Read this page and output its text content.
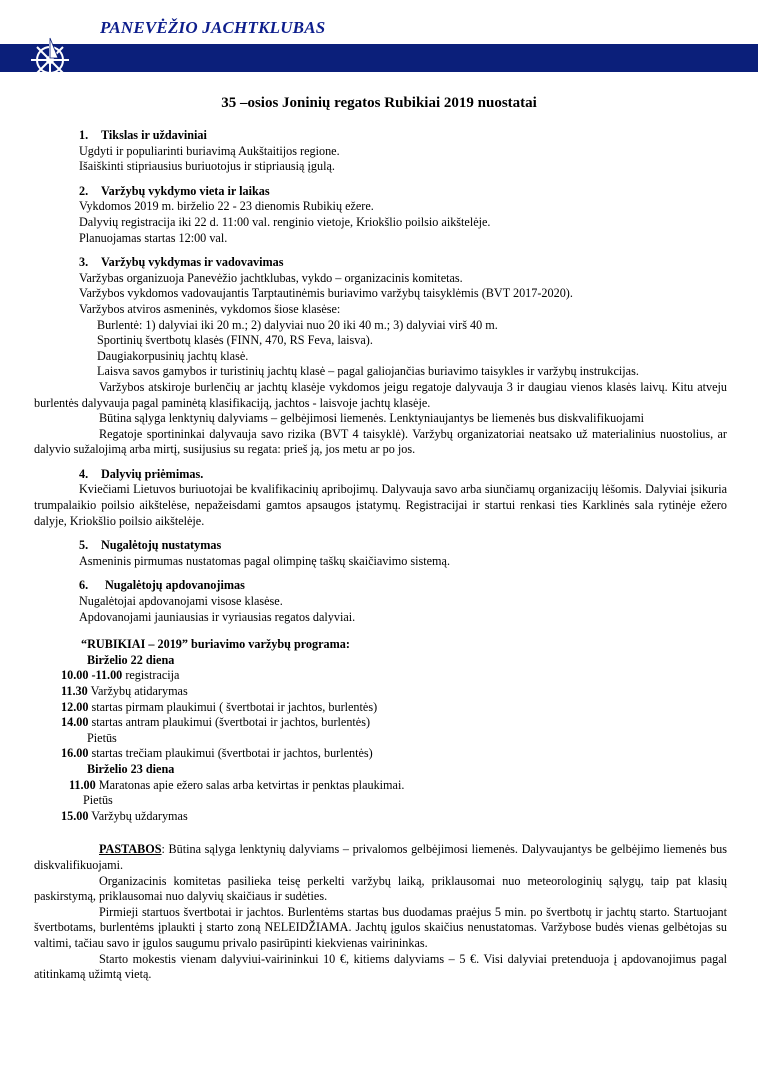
PANEVĖŽIO JACHTKLUBAS
35 –osios Joninių regatos Rubikiai 2019 nuostatai

1. Tikslas ir uždaviniai

Ugdyti ir populiarinti buriavimą Aukštaitijos regione.

Išaiškinti stipriausius buriuotojus ir stipriausią įgulą.

2. Varžybų vykdymo vieta ir laikas

Vykdomos 2019 m. birželio 22 - 23 dienomis Rubikių ežere.

Dalyvių registracija iki 22 d. 11:00 val. renginio vietoje, Kriokšlio poilsio aikštelėje.

Planuojamas startas 12:00 val.

3. Varžybų vykdymas ir vadovavimas

Varžybas organizuoja Panevėžio jachtklubas, vykdo – organizacinis komitetas.

Varžybos vykdomos vadovaujantis Tarptautinėmis buriavimo varžybų taisyklėmis (BVT 2017-2020).

Varžybos atviros asmeninės, vykdomos šiose klasėse:

Burlentė: 1) dalyviai iki 20 m.; 2) dalyviai nuo 20 iki 40 m.; 3) dalyviai virš 40 m.

Sportinių švertbotų klasės (FINN, 470, RS Feva, laisva).

Daugiakorpusinių jachtų klasė.

Laisva savos gamybos ir turistinių jachtų klasė – pagal galiojančias buriavimo taisykles ir varžybų instrukcijas.

Varžybos atskiroje burlenčių ar jachtų klasėje vykdomos jeigu regatoje dalyvauja 3 ir daugiau vienos klasės laivų. Kitu atveju burlentės dalyvauja pagal paminėtą klasifikaciją, jachtos - laisvoje jachtų klasėje.

Būtina sąlyga lenktynių dalyviams – gelbėjimosi liemenės. Lenktyniaujantys be liemenės bus diskvalifikuojami

Regatoje sportininkai dalyvauja savo rizika (BVT 4 taisyklė). Varžybų organizatoriai neatsako už materialinius nuostolius, ar dalyvio sužalojimą arba mirtį, susijusius su regata: prieš ją, jos metu ar po jos.

4. Dalyvių priėmimas.

Kviečiami Lietuvos buriuotojai be kvalifikacinių apribojimų. Dalyvauja savo arba siunčiamų organizacijų lėšomis. Dalyviai įsikuria trumpalaikio poilsio aikštelėse, nepažeisdami gamtos apsaugos įstatymų. Registracijai ir startui renkasi ties Karklinės sala rytinėje ežero dalyje, Kriokšlio poilsio aikštelėje.

5. Nugalėtojų nustatymas

Asmeninis pirmumas nustatomas pagal olimpinę taškų skaičiavimo sistemą.

6. Nugalėtojų apdovanojimas

Nugalėtojai apdovanojami visose klasėse.

Apdovanojami jauniausias ir vyriausias regatos dalyviai.

“RUBIKIAI – 2019” buriavimo varžybų programa:

Birželio 22 diena

10.00 -11.00 registracija

11.30 Varžybų atidarymas

12.00 startas pirmam plaukimui ( švertbotai ir jachtos, burlentės)

14.00 startas antram plaukimui (švertbotai ir jachtos, burlentės)

Pietūs

16.00 startas trečiam plaukimui (švertbotai ir jachtos, burlentės)

Birželio 23 diena

11.00 Maratonas apie ežero salas arba ketvirtas ir penktas plaukimai.

Pietūs

15.00 Varžybų uždarymas

PASTABOS: Būtina sąlyga lenktynių dalyviams – privalomos gelbėjimosi liemenės. Dalyvaujantys be gelbėjimo liemenės bus diskvalifikuojami.

Organizacinis komitetas pasilieka teisę perkelti varžybų laiką, priklausomai nuo meteorologinių sąlygų, taip pat klasių paskirstymą, priklausomai nuo dalyvių skaičiaus ir sudėties.

Pirmieji startuos švertbotai ir jachtos. Burlentėms startas bus duodamas praėjus 5 min. po švertbotų ir jachtų starto. Startuojant švertbotams, burlentėms įplaukti į starto zoną NELEIDŽIAMA. Jachtų įgulos skaičius nenustatomas. Varžybose budės vienas gelbėtojas su valtimi, tačiau savo ir įgulos saugumu privalo pasirūpinti kiekvienas vairininkas.

Starto mokestis vienam dalyviui-vairininkui 10 €, kitiems dalyviams – 5 €. Visi dalyviai pretenduoja į apdovanojimus pagal atitinkamą užimtą vietą.
